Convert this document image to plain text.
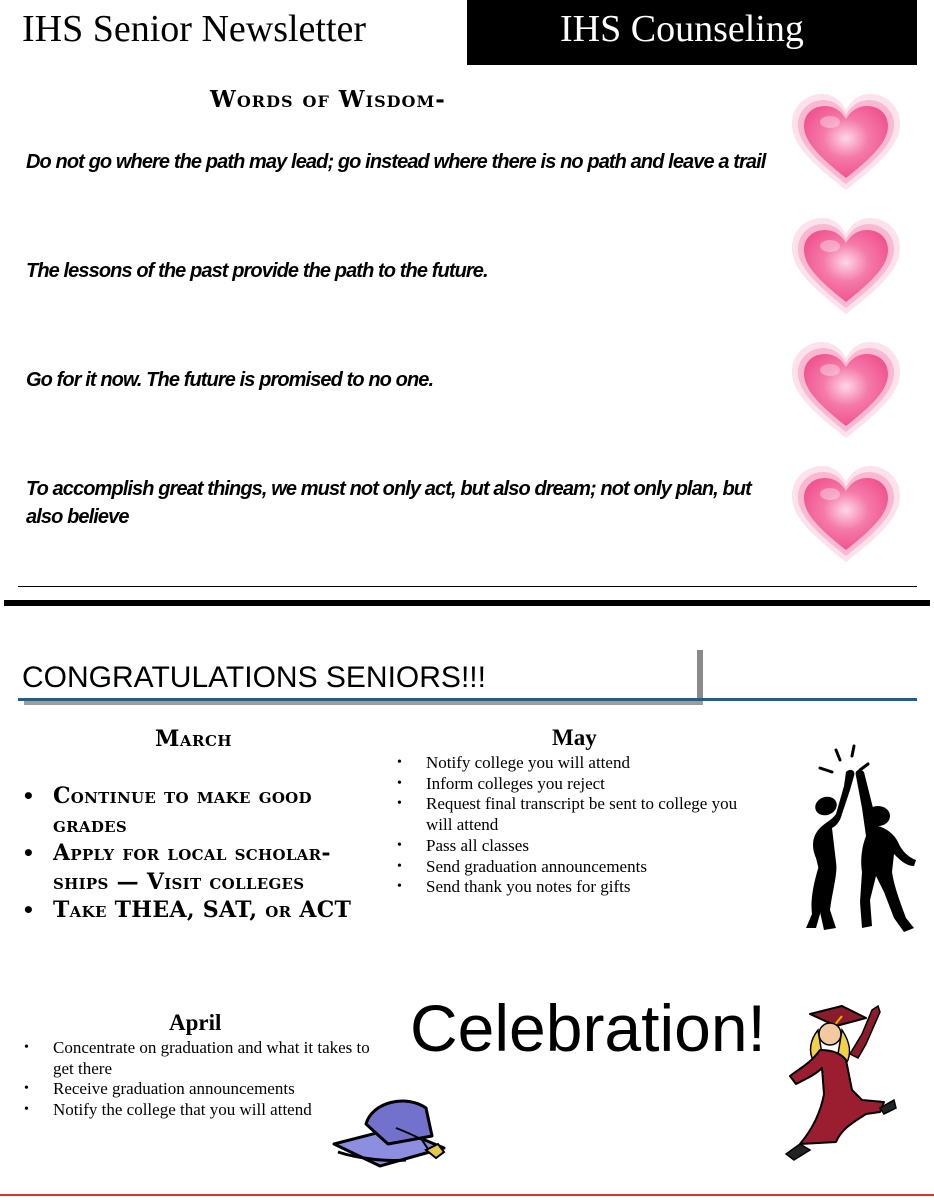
IHS Senior Newsletter	IHS Counseling
Words of Wisdom-
Do not go where the path may lead; go instead where there is no path and leave a trail
The lessons of the past provide the path to the future.
Go for it now. The future is promised to no one.
To accomplish great things, we must not only act, but also dream; not only plan, but also believe
CONGRATULATIONS SENIORS!!!
March
• Continue to make good grades
• Apply for local scholar-ships — Visit colleges
• Take THEA, SAT, or ACT
May
• Notify college you will attend
• Inform colleges you reject
• Request final transcript be sent to college you will attend
• Pass all classes
• Send graduation announcements
• Send thank you notes for gifts
April
• Concentrate on graduation and what it takes to get there
• Receive graduation announcements
• Notify the college that you will attend
Celebration!
